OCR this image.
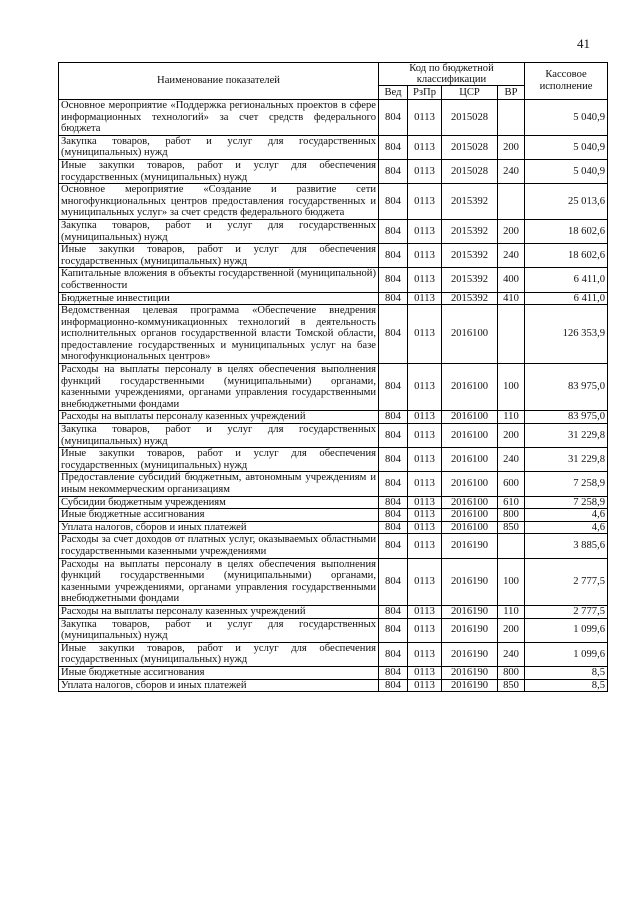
41
Наименование показателей	Код по бюджетной классификации				Кассовое исполнение
	Вед	РзПр	ЦСР	ВР	
Основное мероприятие «Поддержка региональных проектов в сфере информационных технологий» за счет средств федерального бюджета	804	0113	2015028		5 040,9
Закупка товаров, работ и услуг для государственных (муниципальных) нужд	804	0113	2015028	200	5 040,9
Иные закупки товаров, работ и услуг для обеспечения государственных (муниципальных) нужд	804	0113	2015028	240	5 040,9
Основное мероприятие «Создание и развитие сети многофункциональных центров предоставления государственных и муниципальных услуг» за счет средств федерального бюджета	804	0113	2015392		25 013,6
Закупка товаров, работ и услуг для государственных (муниципальных) нужд	804	0113	2015392	200	18 602,6
Иные закупки товаров, работ и услуг для обеспечения государственных (муниципальных) нужд	804	0113	2015392	240	18 602,6
Капитальные вложения в объекты государственной (муниципальной) собственности	804	0113	2015392	400	6 411,0
Бюджетные инвестиции	804	0113	2015392	410	6 411,0
Ведомственная целевая программа «Обеспечение внедрения информационно-коммуникационных технологий в деятельность исполнительных органов государственной власти Томской области, предоставление государственных и муниципальных услуг на базе многофункциональных центров»	804	0113	2016100		126 353,9
Расходы на выплаты персоналу в целях обеспечения выполнения функций государственными (муниципальными) органами, казенными учреждениями, органами управления государственными внебюджетными фондами	804	0113	2016100	100	83 975,0
Расходы на выплаты персоналу казенных учреждений	804	0113	2016100	110	83 975,0
Закупка товаров, работ и услуг для государственных (муниципальных) нужд	804	0113	2016100	200	31 229,8
Иные закупки товаров, работ и услуг для обеспечения государственных (муниципальных) нужд	804	0113	2016100	240	31 229,8
Предоставление субсидий бюджетным, автономным учреждениям и иным некоммерческим организациям	804	0113	2016100	600	7 258,9
Субсидии бюджетным учреждениям	804	0113	2016100	610	7 258,9
Иные бюджетные ассигнования	804	0113	2016100	800	4,6
Уплата налогов, сборов и иных платежей	804	0113	2016100	850	4,6
Расходы за счет доходов от платных услуг, оказываемых областными государственными казенными учреждениями	804	0113	2016190		3 885,6
Расходы на выплаты персоналу в целях обеспечения выполнения функций государственными (муниципальными) органами, казенными учреждениями, органами управления государственными внебюджетными фондами	804	0113	2016190	100	2 777,5
Расходы на выплаты персоналу казенных учреждений	804	0113	2016190	110	2 777,5
Закупка товаров, работ и услуг для государственных (муниципальных) нужд	804	0113	2016190	200	1 099,6
Иные закупки товаров, работ и услуг для обеспечения государственных (муниципальных) нужд	804	0113	2016190	240	1 099,6
Иные бюджетные ассигнования	804	0113	2016190	800	8,5
Уплата налогов, сборов и иных платежей	804	0113	2016190	850	8,5
